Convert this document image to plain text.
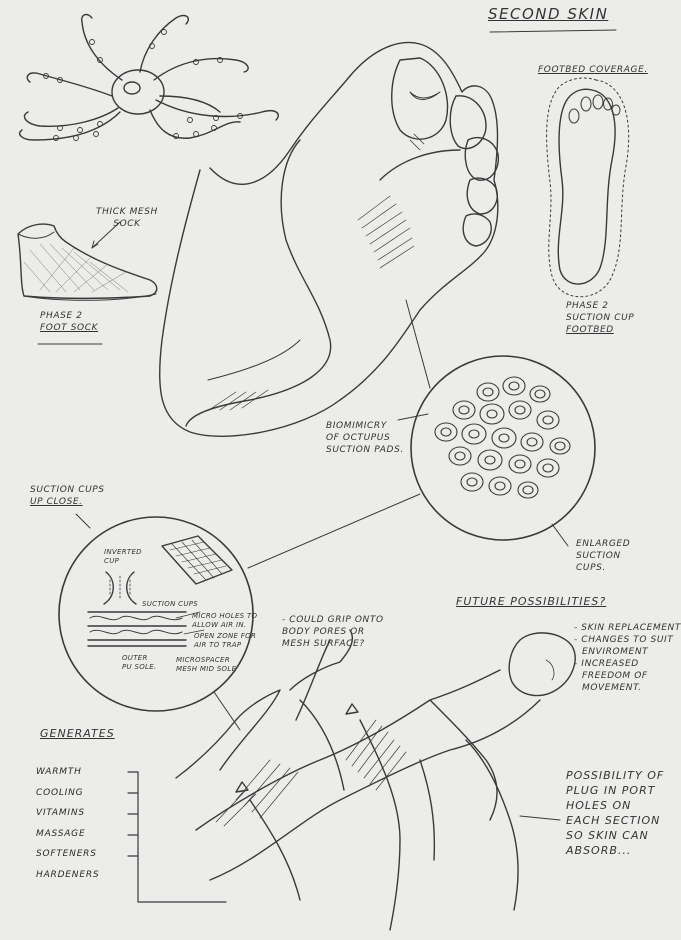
SECOND SKIN
FOOTBED COVERAGE.
THICK MESH
SOCK
PHASE 2
FOOT SOCK
PHASE 2
SUCTION CUP
FOOTBED
BIOMIMICRY
OF OCTUPUS
SUCTION PADS.
ENLARGED
SUCTION
CUPS.
SUCTION CUPS
UP CLOSE.
INVERTED
CUP
SUCTION CUPS
MICRO HOLES TO
ALLOW AIR IN.
OPEN ZONE FOR
AIR TO TRAP
OUTER
PU SOLE.
MICROSPACER
MESH MID SOLE
- COULD GRIP ONTO
BODY PORES OR
MESH SURFACE?
FUTURE POSSIBILITIES?
- SKIN REPLACEMENT
- CHANGES TO SUIT
ENVIROMENT
- INCREASED
FREEDOM OF
MOVEMENT.
POSSIBILITY OF
PLUG IN PORT
HOLES ON
EACH SECTION
SO SKIN CAN
ABSORB...
GENERATES
WARMTH
COOLING
VITAMINS
MASSAGE
SOFTENERS
HARDENERS
